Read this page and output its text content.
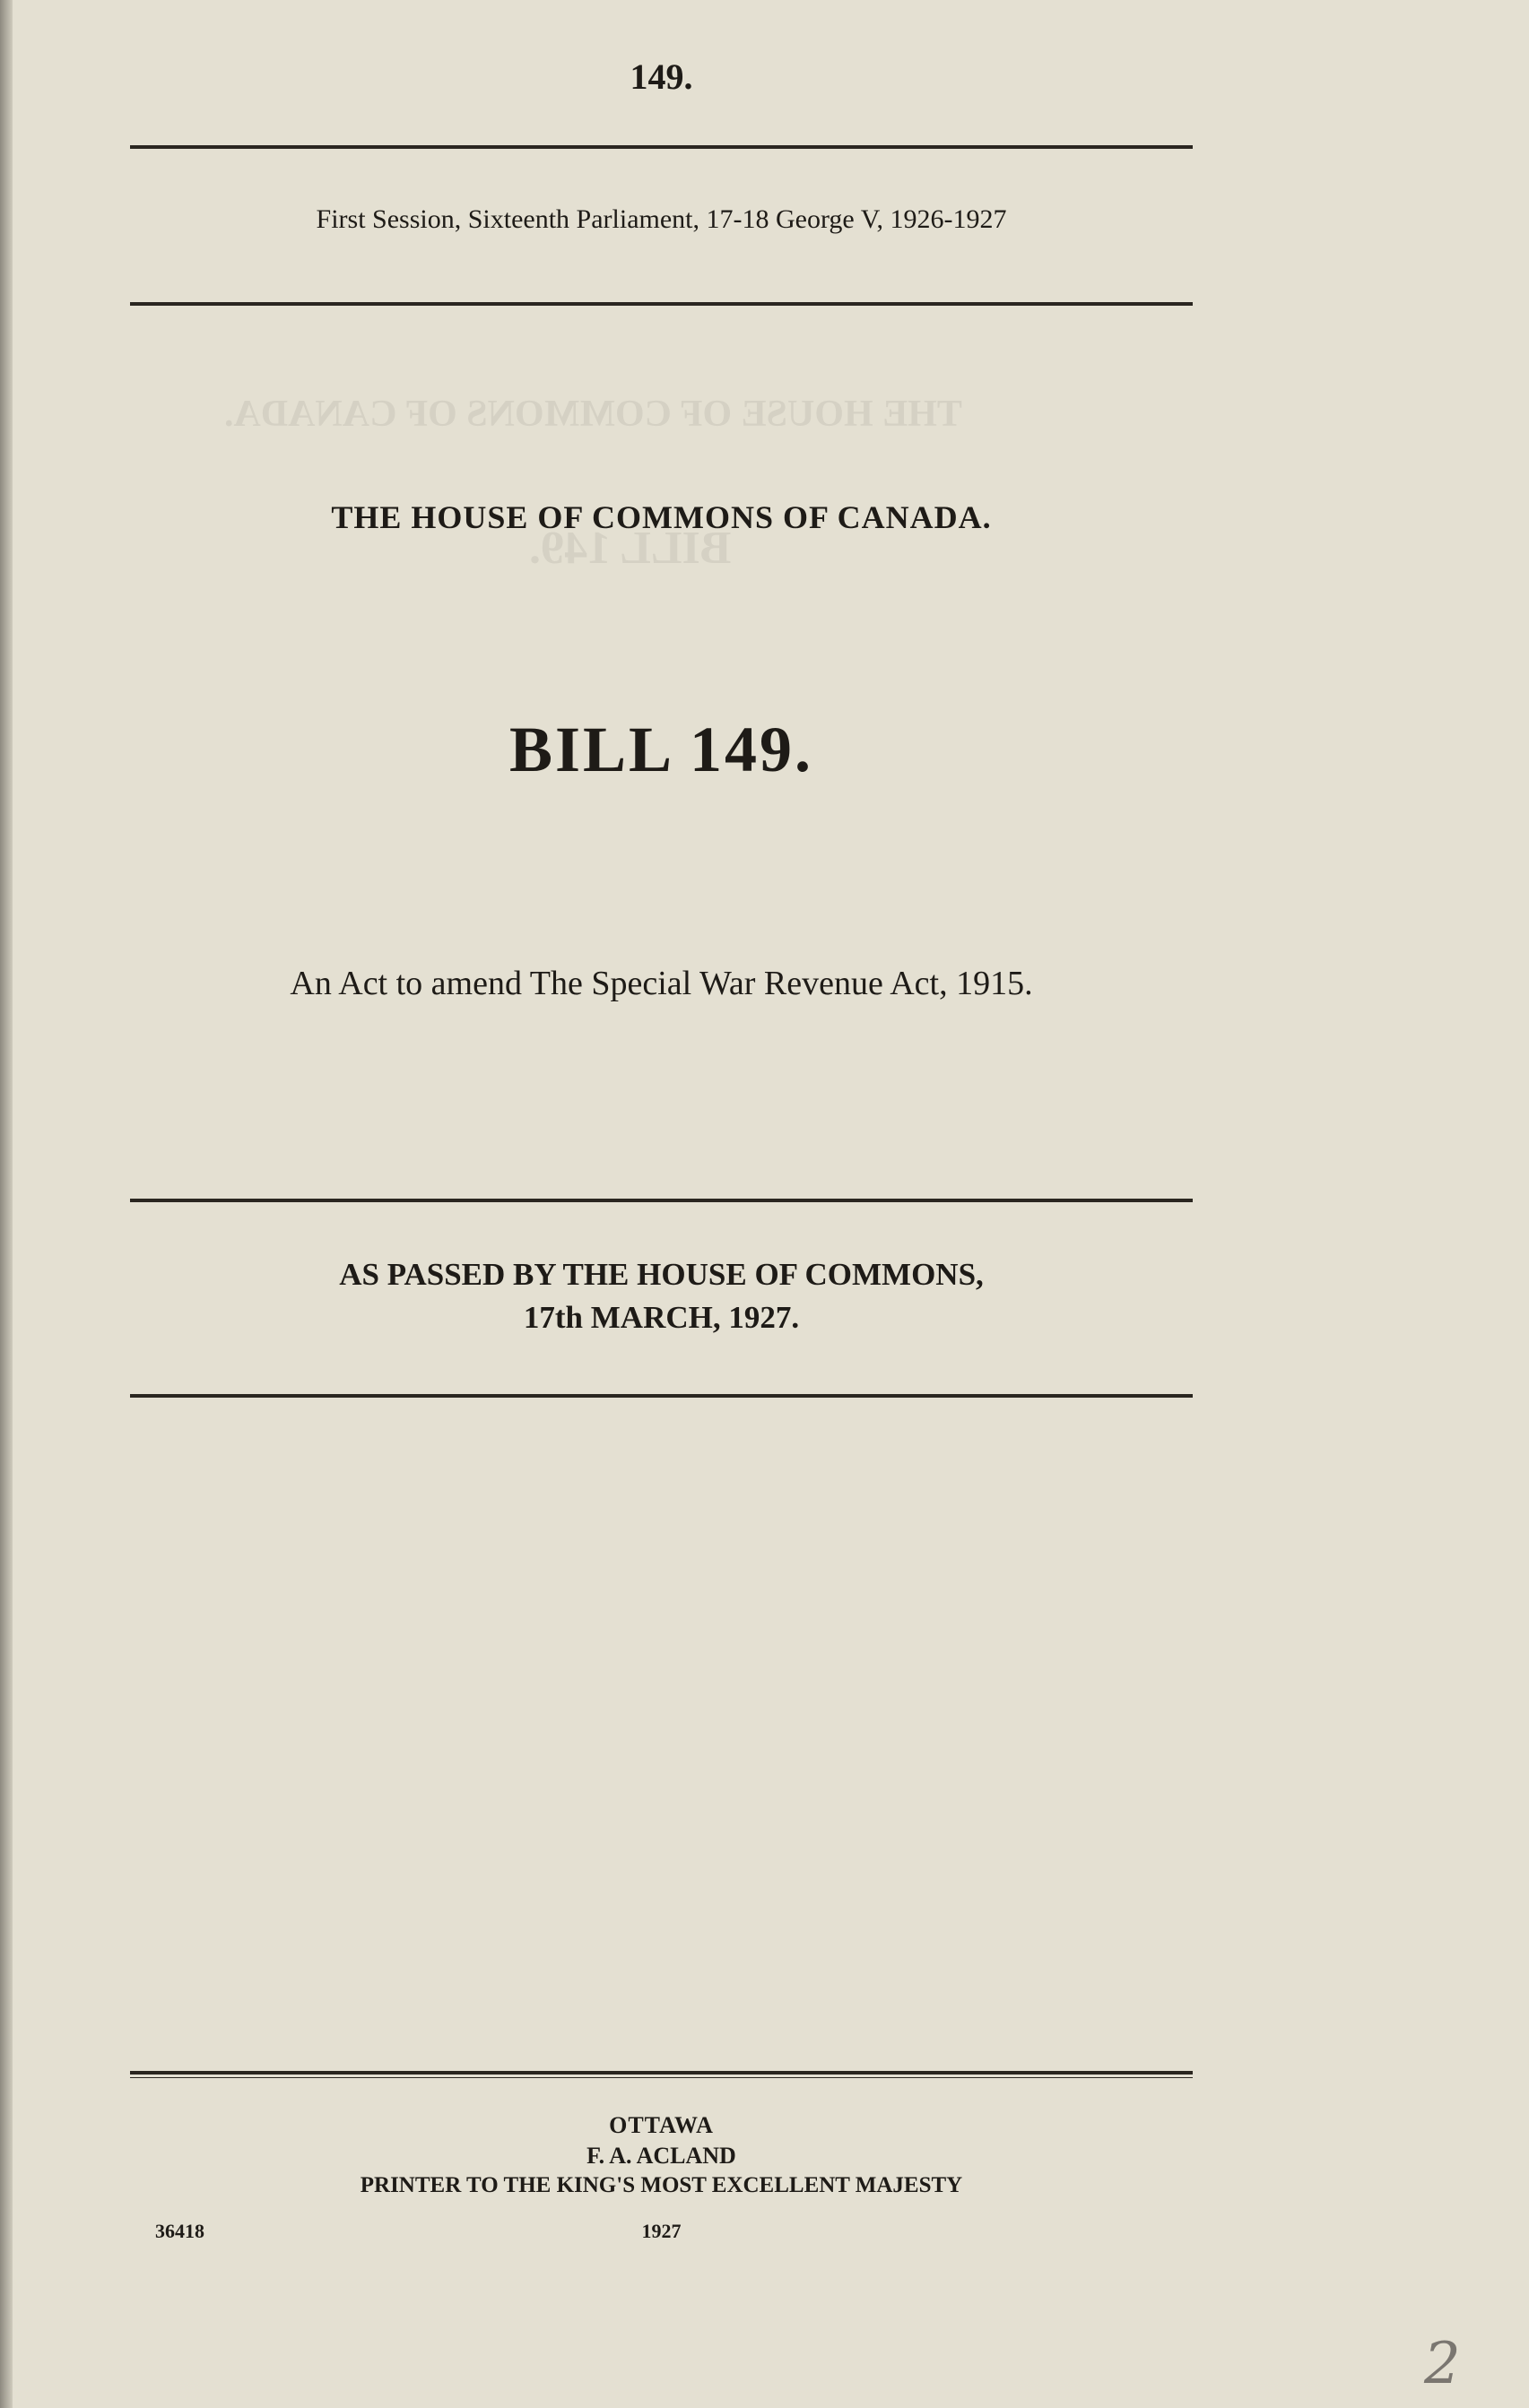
THE HOUSE OF COMMONS OF CANADA.
BILL 149.
149.
First Session, Sixteenth Parliament, 17-18 George V, 1926-1927
THE HOUSE OF COMMONS OF CANADA.
BILL 149.
An Act to amend The Special War Revenue Act, 1915.
AS PASSED BY THE HOUSE OF COMMONS,
17th MARCH, 1927.
OTTAWA
F. A. ACLAND
PRINTER TO THE KING'S MOST EXCELLENT MAJESTY
36418	1927
2
